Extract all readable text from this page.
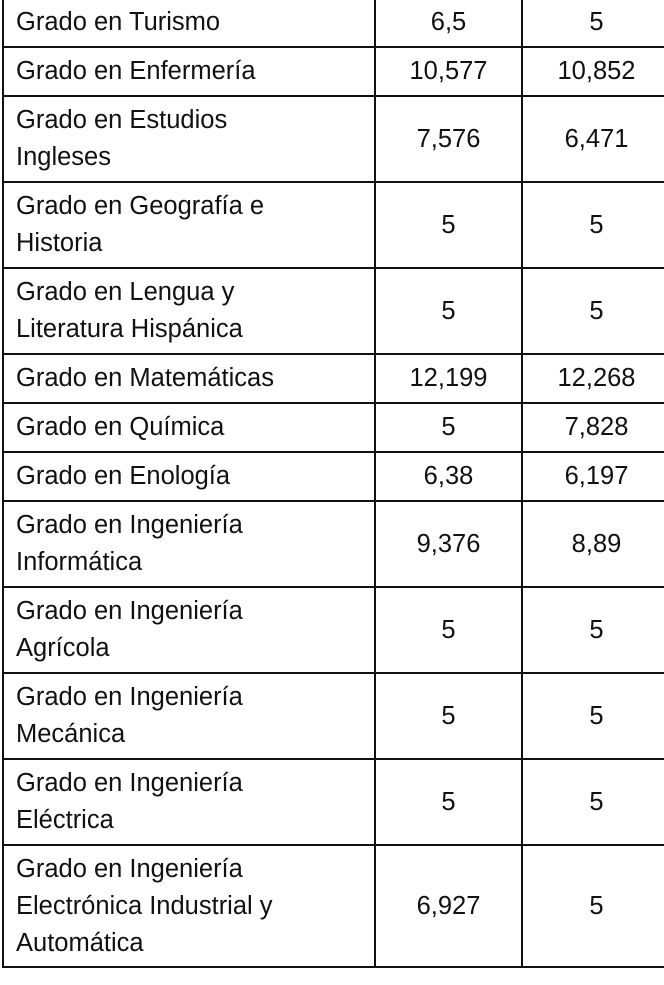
Grado en Turismo	6,5	5
Grado en Enfermería	10,577	10,852
Grado en Estudios
Ingleses	7,576	6,471
Grado en Geografía e
Historia	5	5
Grado en Lengua y
Literatura Hispánica	5	5
Grado en Matemáticas	12,199	12,268
Grado en Química	5	7,828
Grado en Enología	6,38	6,197
Grado en Ingeniería
Informática	9,376	8,89
Grado en Ingeniería
Agrícola	5	5
Grado en Ingeniería
Mecánica	5	5
Grado en Ingeniería
Eléctrica	5	5
Grado en Ingeniería
Electrónica Industrial y
Automática	6,927	5
